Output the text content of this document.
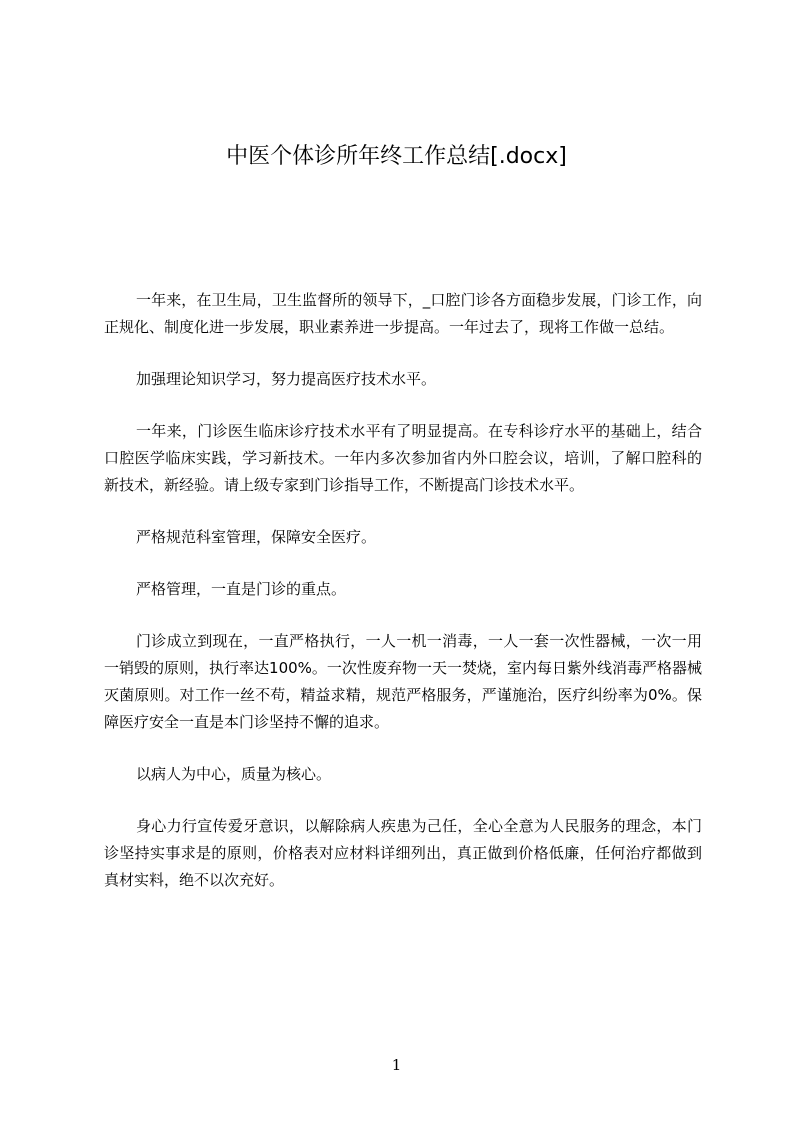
中医个体诊所年终工作总结[.docx]

一年来，在卫生局，卫生监督所的领导下，_口腔门诊各方面稳步发展，门诊工作，向正规化、制度化进一步发展，职业素养进一步提高。一年过去了，现将工作做一总结。

加强理论知识学习，努力提高医疗技术水平。

一年来，门诊医生临床诊疗技术水平有了明显提高。在专科诊疗水平的基础上，结合口腔医学临床实践，学习新技术。一年内多次参加省内外口腔会议，培训，了解口腔科的新技术，新经验。请上级专家到门诊指导工作，不断提高门诊技术水平。

严格规范科室管理，保障安全医疗。

严格管理，一直是门诊的重点。

门诊成立到现在，一直严格执行，一人一机一消毒，一人一套一次性器械，一次一用一销毁的原则，执行率达100%。一次性废弃物一天一焚烧，室内每日紫外线消毒严格器械灭菌原则。对工作一丝不苟，精益求精，规范严格服务，严谨施治，医疗纠纷率为0%。保障医疗安全一直是本门诊坚持不懈的追求。

以病人为中心，质量为核心。

身心力行宣传爱牙意识，以解除病人疾患为己任，全心全意为人民服务的理念，本门诊坚持实事求是的原则，价格表对应材料详细列出，真正做到价格低廉，任何治疗都做到真材实料，绝不以次充好。

1
